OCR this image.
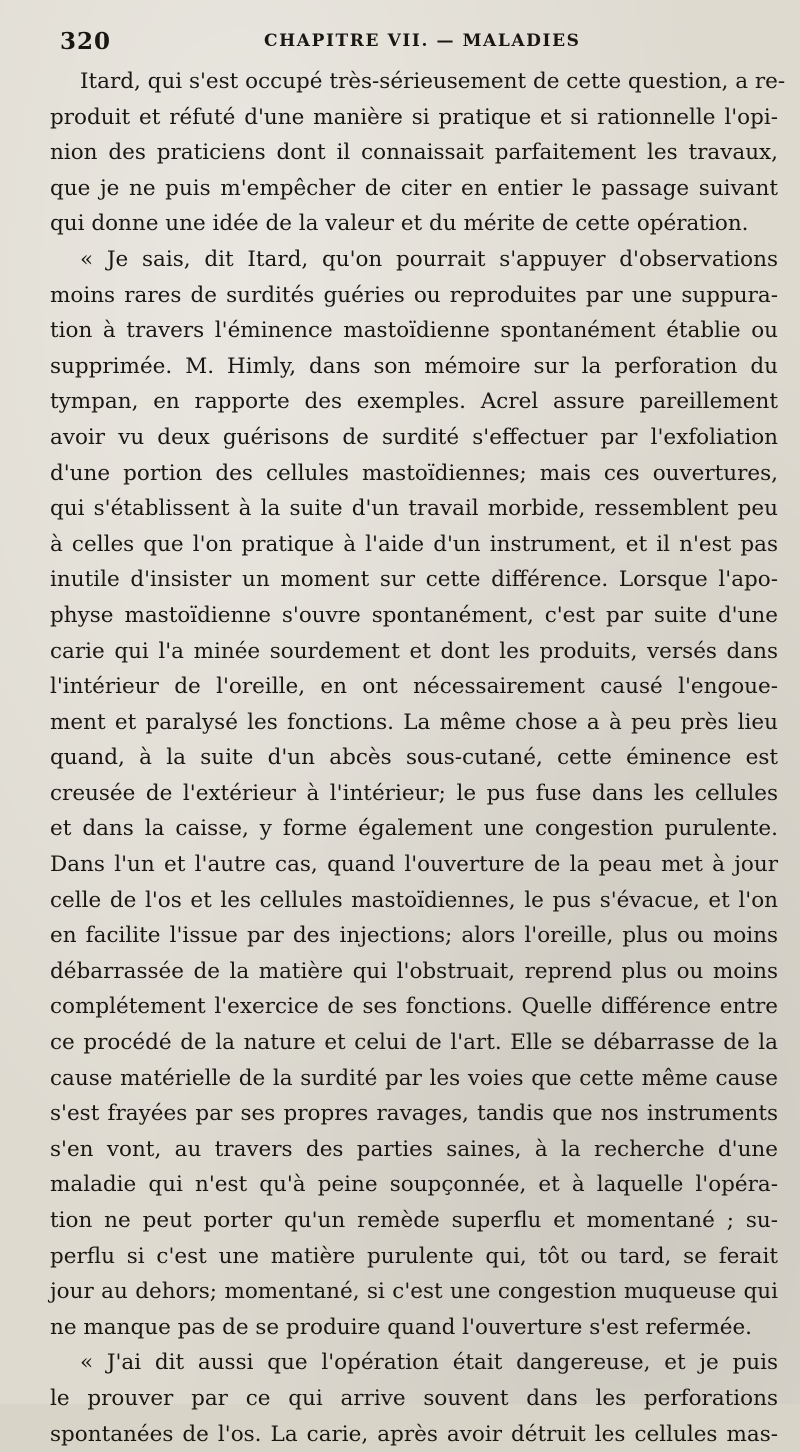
320	CHAPITRE VII. — MALADIES
Itard, qui s'est occupé très-sérieusement de cette question, a re-
produit et réfuté d'une manière si pratique et si rationnelle l'opi-
nion des praticiens dont il connaissait parfaitement les travaux,
que je ne puis m'empêcher de citer en entier le passage suivant
qui donne une idée de la valeur et du mérite de cette opération.
« Je sais, dit Itard, qu'on pourrait s'appuyer d'observations
moins rares de surdités guéries ou reproduites par une suppura-
tion à travers l'éminence mastoïdienne spontanément établie ou
supprimée. M. Himly, dans son mémoire sur la perforation du
tympan, en rapporte des exemples. Acrel assure pareillement
avoir vu deux guérisons de surdité s'effectuer par l'exfoliation
d'une portion des cellules mastoïdiennes; mais ces ouvertures,
qui s'établissent à la suite d'un travail morbide, ressemblent peu
à celles que l'on pratique à l'aide d'un instrument, et il n'est pas
inutile d'insister un moment sur cette différence. Lorsque l'apo-
physe mastoïdienne s'ouvre spontanément, c'est par suite d'une
carie qui l'a minée sourdement et dont les produits, versés dans
l'intérieur de l'oreille, en ont nécessairement causé l'engoue-
ment et paralysé les fonctions. La même chose a à peu près lieu
quand, à la suite d'un abcès sous-cutané, cette éminence est
creusée de l'extérieur à l'intérieur; le pus fuse dans les cellules
et dans la caisse, y forme également une congestion purulente.
Dans l'un et l'autre cas, quand l'ouverture de la peau met à jour
celle de l'os et les cellules mastoïdiennes, le pus s'évacue, et l'on
en facilite l'issue par des injections; alors l'oreille, plus ou moins
débarrassée de la matière qui l'obstruait, reprend plus ou moins
complétement l'exercice de ses fonctions. Quelle différence entre
ce procédé de la nature et celui de l'art. Elle se débarrasse de la
cause matérielle de la surdité par les voies que cette même cause
s'est frayées par ses propres ravages, tandis que nos instruments
s'en vont, au travers des parties saines, à la recherche d'une
maladie qui n'est qu'à peine soupçonnée, et à laquelle l'opéra-
tion ne peut porter qu'un remède superflu et momentané ; su-
perflu si c'est une matière purulente qui, tôt ou tard, se ferait
jour au dehors; momentané, si c'est une congestion muqueuse qui
ne manque pas de se produire quand l'ouverture s'est refermée.
« J'ai dit aussi que l'opération était dangereuse, et je puis
le prouver par ce qui arrive souvent dans les perforations
spontanées de l'os. La carie, après avoir détruit les cellules mas-
